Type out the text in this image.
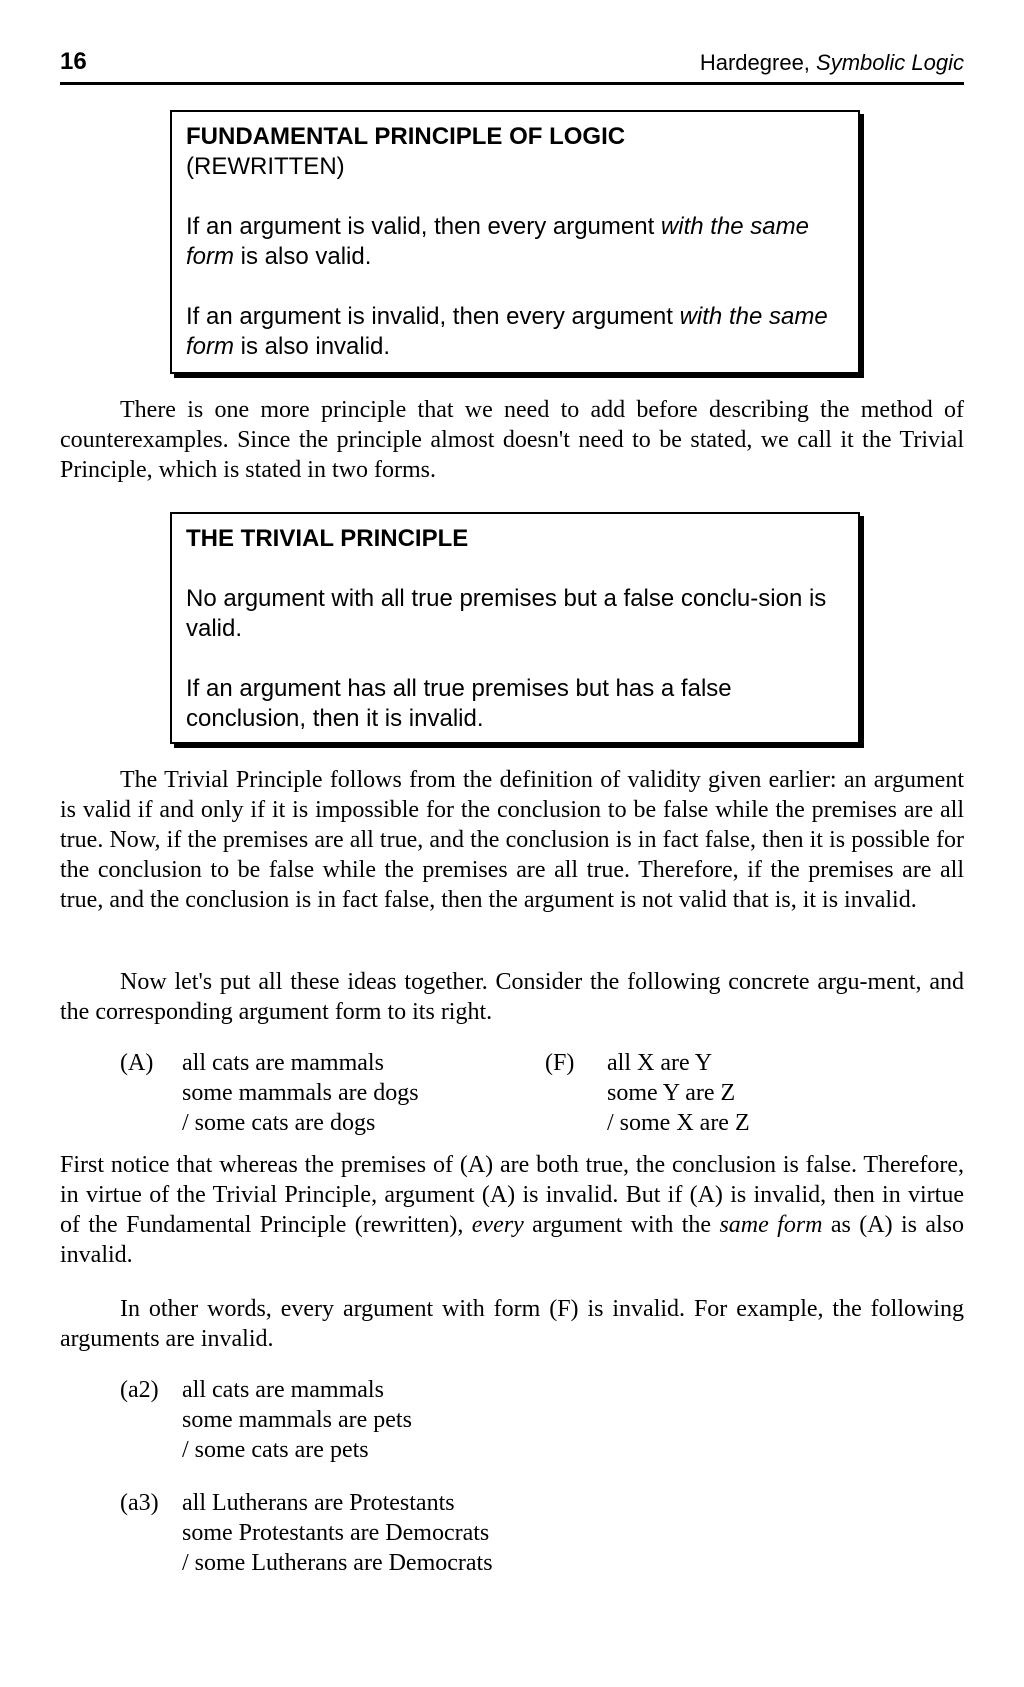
16	Hardegree, Symbolic Logic

FUNDAMENTAL PRINCIPLE OF LOGIC

(REWRITTEN)

If an argument is valid, then every argument with the same form is also valid.

If an argument is invalid, then every argument with the same form is also invalid.

There is one more principle that we need to add before describing the method of counterexamples. Since the principle almost doesn't need to be stated, we call it the Trivial Principle, which is stated in two forms.

THE TRIVIAL PRINCIPLE

No argument with all true premises but a false conclu-sion is valid.

If an argument has all true premises but has a false conclusion, then it is invalid.

The Trivial Principle follows from the definition of validity given earlier: an argument is valid if and only if it is impossible for the conclusion to be false while the premises are all true. Now, if the premises are all true, and the conclusion is in fact false, then it is possible for the conclusion to be false while the premises are all true. Therefore, if the premises are all true, and the conclusion is in fact false, then the argument is not valid that is, it is invalid.

Now let's put all these ideas together. Consider the following concrete argu-ment, and the corresponding argument form to its right.

(A) all cats are mammals
some mammals are dogs
/ some cats are dogs
(F) all X are Y
some Y are Z
/ some X are Z

First notice that whereas the premises of (A) are both true, the conclusion is false. Therefore, in virtue of the Trivial Principle, argument (A) is invalid. But if (A) is invalid, then in virtue of the Fundamental Principle (rewritten), every argument with the same form as (A) is also invalid.

In other words, every argument with form (F) is invalid. For example, the following arguments are invalid.

(a2) all cats are mammals
some mammals are pets
/ some cats are pets
(a3) all Lutherans are Protestants
some Protestants are Democrats
/ some Lutherans are Democrats
